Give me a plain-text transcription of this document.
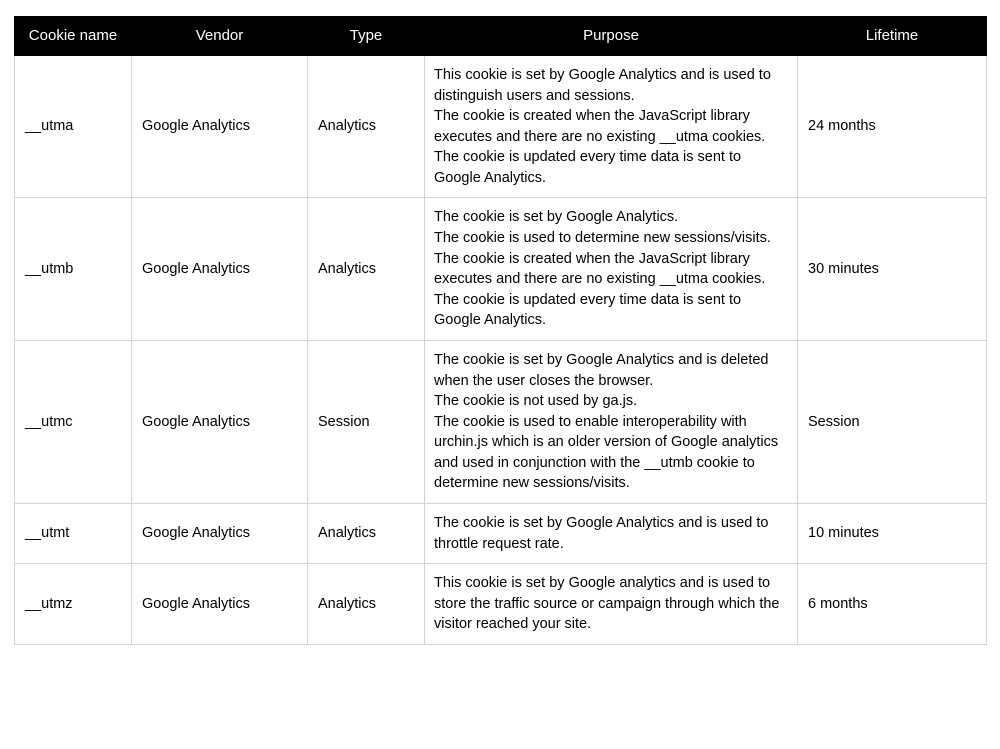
Cookie name	Vendor	Type	Purpose	Lifetime
__utma	Google Analytics	Analytics	This cookie is set by Google Analytics and is used to distinguish users and sessions.
The cookie is created when the JavaScript library executes and there are no existing __utma cookies.
The cookie is updated every time data is sent to Google Analytics.	24 months
__utmb	Google Analytics	Analytics	The cookie is set by Google Analytics.
The cookie is used to determine new sessions/visits.
The cookie is created when the JavaScript library executes and there are no existing __utma cookies.
The cookie is updated every time data is sent to Google Analytics.	30 minutes
__utmc	Google Analytics	Session	The cookie is set by Google Analytics and is deleted when the user closes the browser.
The cookie is not used by ga.js.
The cookie is used to enable interoperability with urchin.js which is an older version of Google analytics and used in conjunction with the __utmb cookie to determine new sessions/visits.	Session
__utmt	Google Analytics	Analytics	The cookie is set by Google Analytics and is used to throttle request rate.	10 minutes
__utmz	Google Analytics	Analytics	This cookie is set by Google analytics and is used to store the traffic source or campaign through which the visitor reached your site.	6 months
